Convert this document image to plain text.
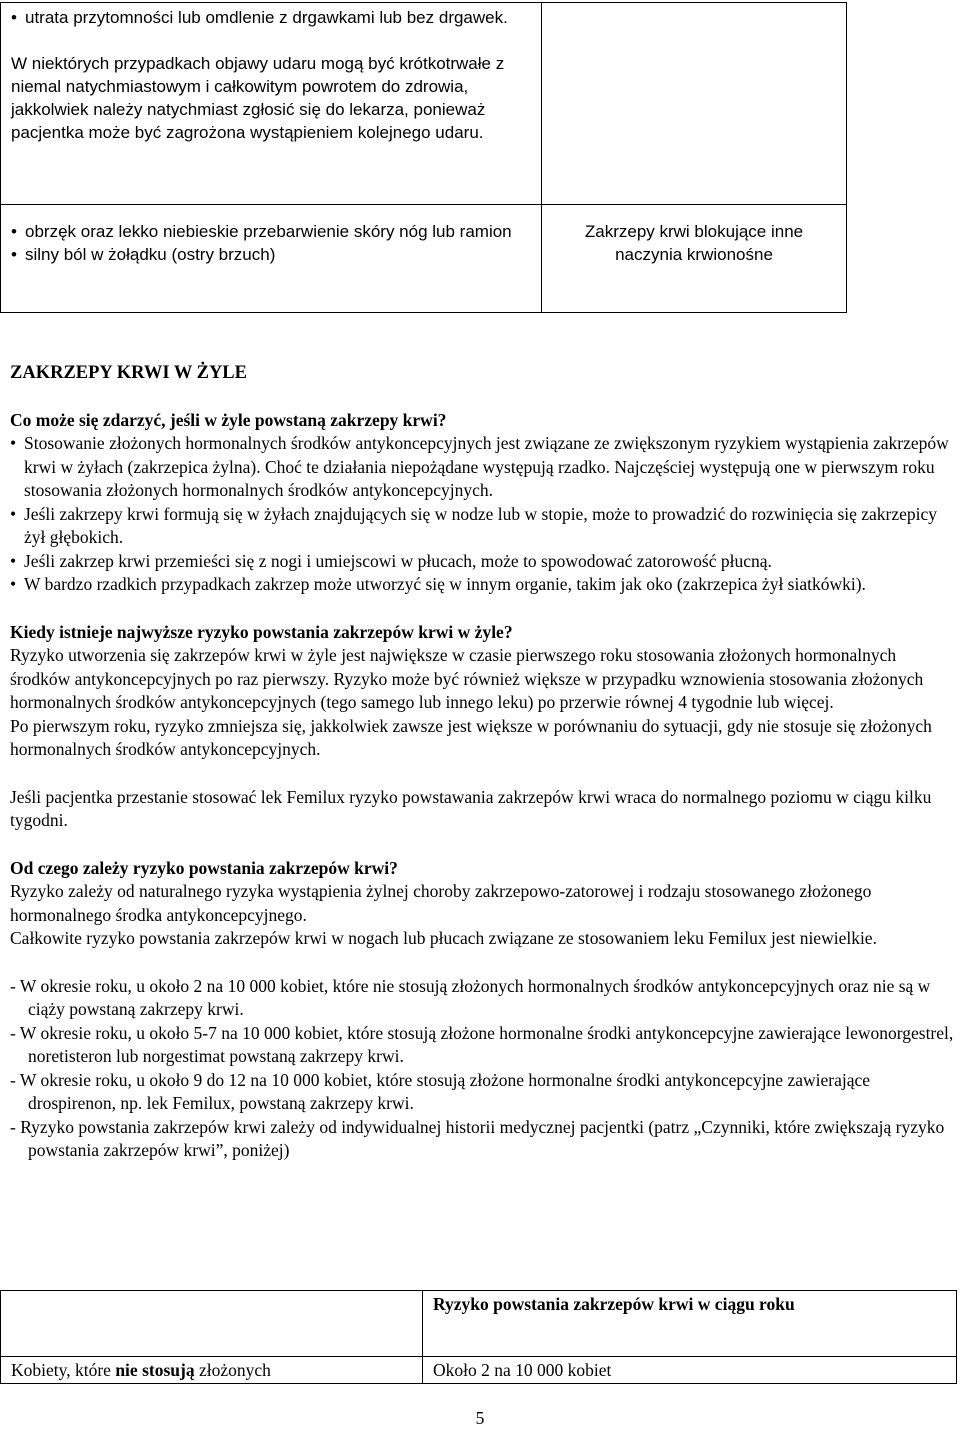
• utrata przytomności lub omdlenie z drgawkami lub bez drgawek.

W niektórych przypadkach objawy udaru mogą być krótkotrwałe z niemal natychmiastowym i całkowitym powrotem do zdrowia, jakkolwiek należy natychmiast zgłosić się do lekarza, ponieważ pacjentka może być zagrożona wystąpieniem kolejnego udaru.

• obrzęk oraz lekko niebieskie przebarwienie skóry nóg lub ramion
• silny ból w żołądku (ostry brzuch)	Zakrzepy krwi blokujące inne naczynia krwionośne

ZAKRZEPY KRWI W ŻYLE

Co może się zdarzyć, jeśli w żyle powstaną zakrzepy krwi?

• Stosowanie złożonych hormonalnych środków antykoncepcyjnych jest związane ze zwiększonym ryzykiem wystąpienia zakrzepów krwi w żyłach (zakrzepica żylna). Choć te działania niepożądane występują rzadko. Najczęściej występują one w pierwszym roku stosowania złożonych hormonalnych środków antykoncepcyjnych.
• Jeśli zakrzepy krwi formują się w żyłach znajdujących się w nodze lub w stopie, może to prowadzić do rozwinięcia się zakrzepicy żył głębokich.
• Jeśli zakrzep krwi przemieści się z nogi i umiejscowi w płucach, może to spowodować zatorowość płucną.
• W bardzo rzadkich przypadkach zakrzep może utworzyć się w innym organie, takim jak oko (zakrzepica żył siatkówki).

Kiedy istnieje najwyższe ryzyko powstania zakrzepów krwi w żyle?

Ryzyko utworzenia się zakrzepów krwi w żyle jest największe w czasie pierwszego roku stosowania złożonych hormonalnych środków antykoncepcyjnych po raz pierwszy. Ryzyko może być również większe w przypadku wznowienia stosowania złożonych hormonalnych środków antykoncepcyjnych (tego samego lub innego leku) po przerwie równej 4 tygodnie lub więcej.

Po pierwszym roku, ryzyko zmniejsza się, jakkolwiek zawsze jest większe w porównaniu do sytuacji, gdy nie stosuje się złożonych hormonalnych środków antykoncepcyjnych.

Jeśli pacjentka przestanie stosować lek Femilux ryzyko powstawania zakrzepów krwi wraca do normalnego poziomu w ciągu kilku tygodni.

Od czego zależy ryzyko powstania zakrzepów krwi?

Ryzyko zależy od naturalnego ryzyka wystąpienia żylnej choroby zakrzepowo-zatorowej i rodzaju stosowanego złożonego hormonalnego środka antykoncepcyjnego.

Całkowite ryzyko powstania zakrzepów krwi w nogach lub płucach związane ze stosowaniem leku Femilux jest niewielkie.

- W okresie roku, u około 2 na 10 000 kobiet, które nie stosują złożonych hormonalnych środków antykoncepcyjnych oraz nie są w ciąży powstaną zakrzepy krwi.

- W okresie roku, u około 5-7 na 10 000 kobiet, które stosują złożone hormonalne środki antykoncepcyjne zawierające lewonorgestrel, noretisteron lub norgestimat powstaną zakrzepy krwi.

- W okresie roku, u około 9 do 12 na 10 000 kobiet, które stosują złożone hormonalne środki antykoncepcyjne zawierające drospirenon, np. lek Femilux, powstaną zakrzepy krwi.

- Ryzyko powstania zakrzepów krwi zależy od indywidualnej historii medycznej pacjentki (patrz „Czynniki, które zwiększają ryzyko powstania zakrzepów krwi”, poniżej)

	Ryzyko powstania zakrzepów krwi w ciągu roku
Kobiety, które nie stosują złożonych	Około 2 na 10 000 kobiet
5
